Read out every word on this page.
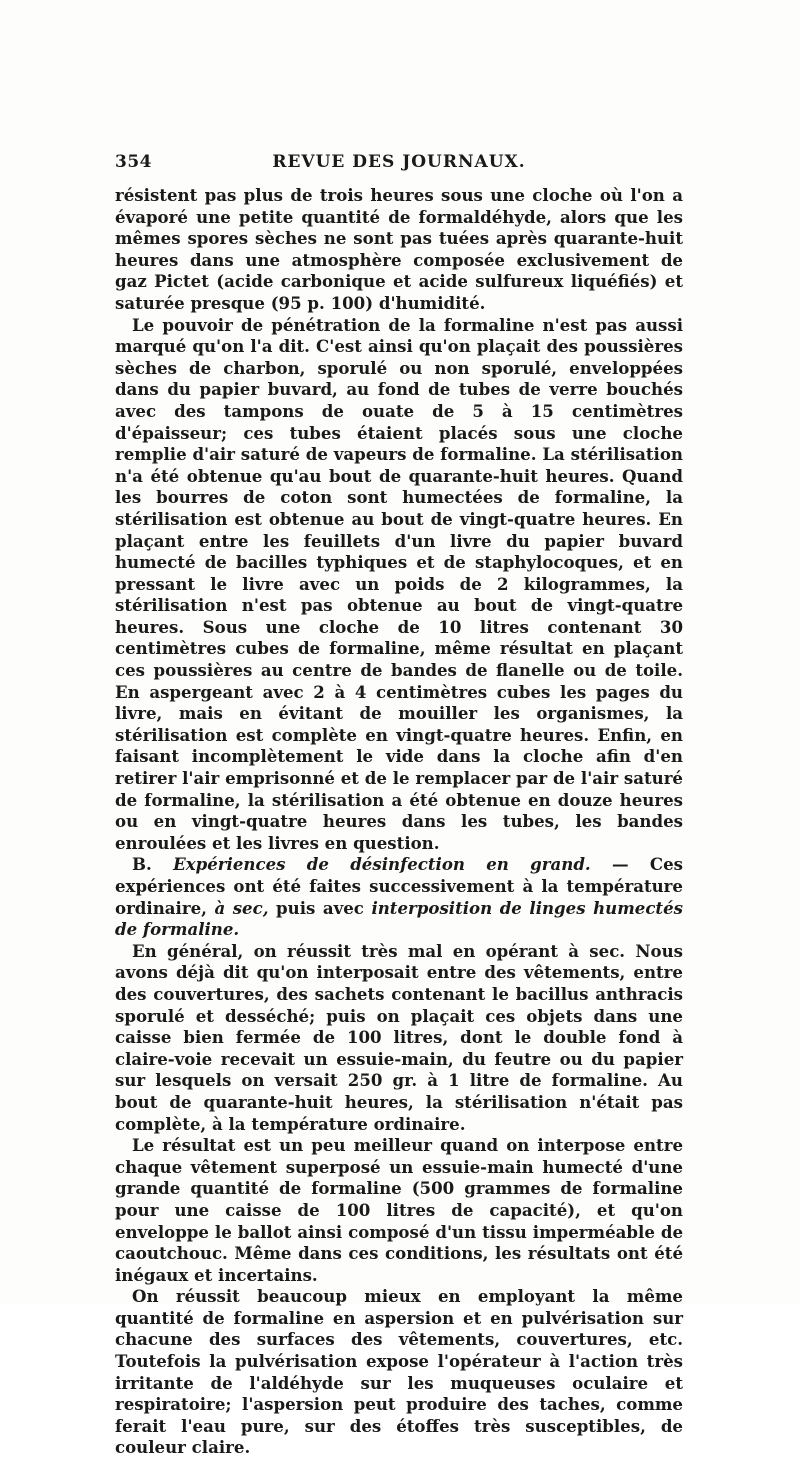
354	REVUE DES JOURNAUX.

résistent pas plus de trois heures sous une cloche où l'on a évaporé une petite quantité de formaldéhyde, alors que les mêmes spores sèches ne sont pas tuées après quarante-huit heures dans une atmosphère composée exclusivement de gaz Pictet (acide carbonique et acide sulfureux liquéfiés) et saturée presque (95 p. 100) d'humidité.

Le pouvoir de pénétration de la formaline n'est pas aussi marqué qu'on l'a dit. C'est ainsi qu'on plaçait des poussières sèches de charbon, sporulé ou non sporulé, enveloppées dans du papier buvard, au fond de tubes de verre bouchés avec des tampons de ouate de 5 à 15 centimètres d'épaisseur; ces tubes étaient placés sous une cloche remplie d'air saturé de vapeurs de formaline. La stérilisation n'a été obtenue qu'au bout de quarante-huit heures. Quand les bourres de coton sont humectées de formaline, la stérilisation est obtenue au bout de vingt-quatre heures. En plaçant entre les feuillets d'un livre du papier buvard humecté de bacilles typhiques et de staphylocoques, et en pressant le livre avec un poids de 2 kilogrammes, la stérilisation n'est pas obtenue au bout de vingt-quatre heures. Sous une cloche de 10 litres contenant 30 centimètres cubes de formaline, même résultat en plaçant ces poussières au centre de bandes de flanelle ou de toile. En aspergeant avec 2 à 4 centimètres cubes les pages du livre, mais en évitant de mouiller les organismes, la stérilisation est complète en vingt-quatre heures. Enfin, en faisant incomplètement le vide dans la cloche afin d'en retirer l'air emprisonné et de le remplacer par de l'air saturé de formaline, la stérilisation a été obtenue en douze heures ou en vingt-quatre heures dans les tubes, les bandes enroulées et les livres en question.

B. Expériences de désinfection en grand. — Ces expériences ont été faites successivement à la température ordinaire, à sec, puis avec interposition de linges humectés de formaline.

En général, on réussit très mal en opérant à sec. Nous avons déjà dit qu'on interposait entre des vêtements, entre des couvertures, des sachets contenant le bacillus anthracis sporulé et desséché; puis on plaçait ces objets dans une caisse bien fermée de 100 litres, dont le double fond à claire-voie recevait un essuie-main, du feutre ou du papier sur lesquels on versait 250 gr. à 1 litre de formaline. Au bout de quarante-huit heures, la stérilisation n'était pas complète, à la température ordinaire.

Le résultat est un peu meilleur quand on interpose entre chaque vêtement superposé un essuie-main humecté d'une grande quantité de formaline (500 grammes de formaline pour une caisse de 100 litres de capacité), et qu'on enveloppe le ballot ainsi composé d'un tissu imperméable de caoutchouc. Même dans ces conditions, les résultats ont été inégaux et incertains.

On réussit beaucoup mieux en employant la même quantité de formaline en aspersion et en pulvérisation sur chacune des surfaces des vêtements, couvertures, etc. Toutefois la pulvérisation expose l'opérateur à l'action très irritante de l'aldéhyde sur les muqueuses oculaire et respiratoire; l'aspersion peut produire des taches, comme ferait l'eau pure, sur des étoffes très susceptibles, de couleur claire.
